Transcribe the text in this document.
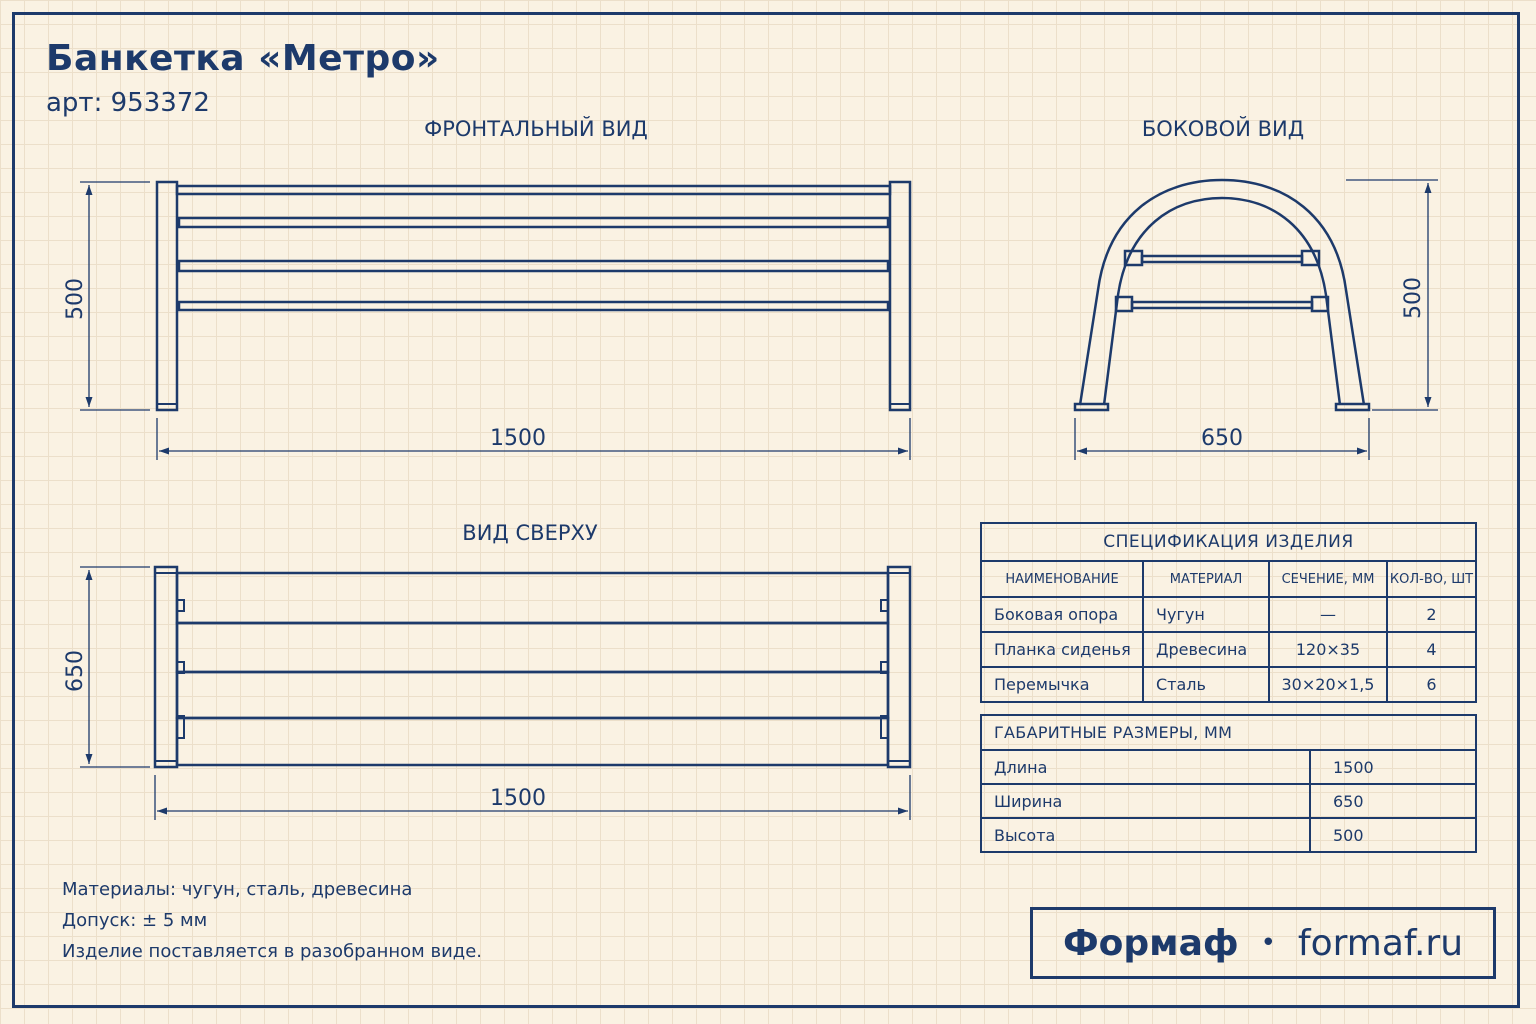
Банкетка «Метро»
арт: 953372
ФРОНТАЛЬНЫЙ ВИД	БОКОВОЙ ВИД
ВИД СВЕРХУ
500
1500
500
650
650
1500
СПЕЦИФИКАЦИЯ ИЗДЕЛИЯ			
НАИМЕНОВАНИЕ	МАТЕРИАЛ	СЕЧЕНИЕ, ММ	КОЛ-ВО, ШТ
Боковая опора	Чугун	—	2
Планка сиденья	Древесина	120×35	4
Перемычка	Сталь	30×20×1,5	6
ГАБАРИТНЫЕ РАЗМЕРЫ, ММ	
Длина	1500
Ширина	650
Высота	500
Материалы: чугун, сталь, древесина
Допуск: ± 5 мм
Изделие поставляется в разобранном виде.	Формаф • formaf.ru
